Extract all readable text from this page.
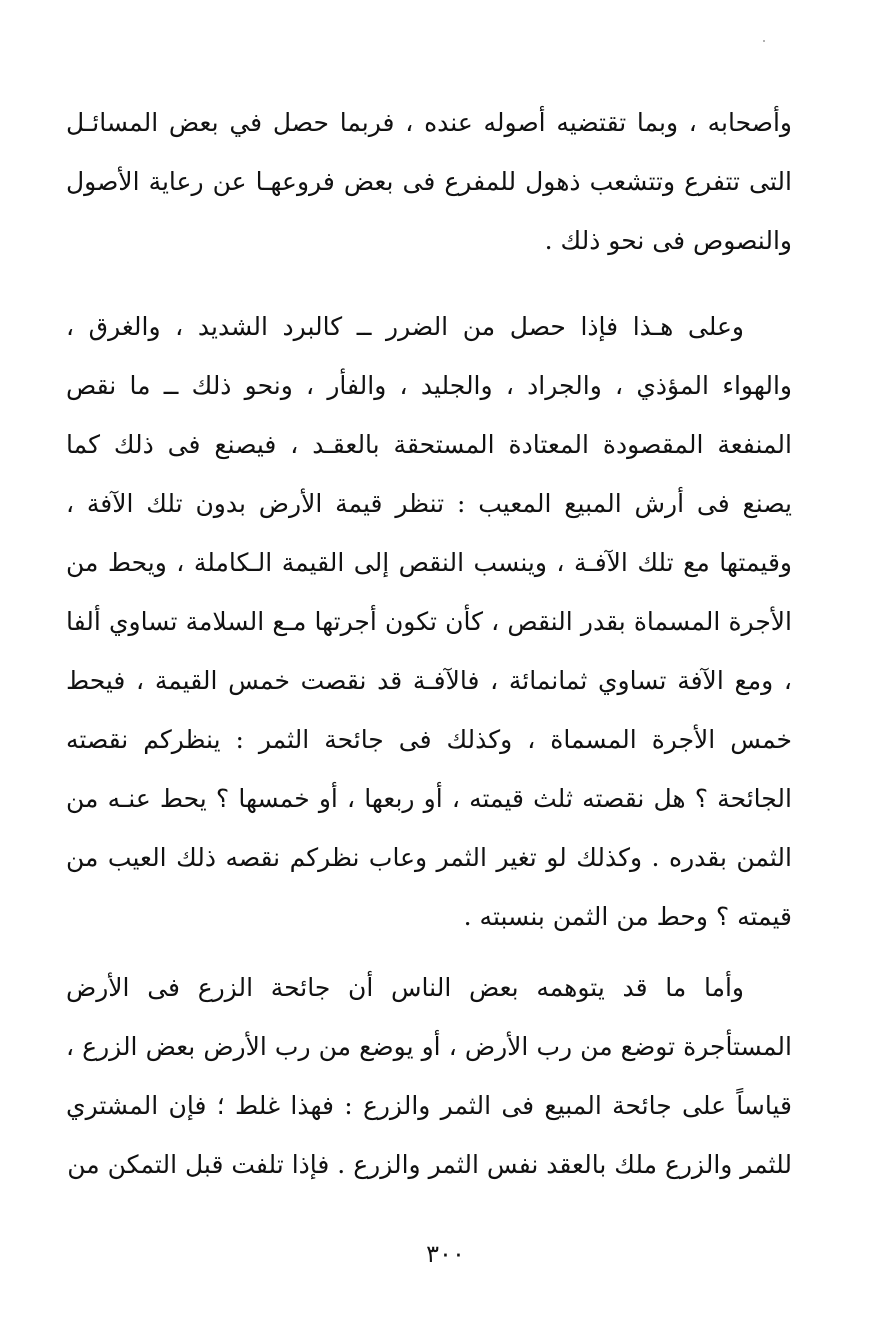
وأصحابه ، وبما تقتضيه أصوله عنده ، فربما حصل في بعض المسائـل التى تتفرع وتتشعب ذهول للمفرع فى بعض فروعهـا عن رعاية الأصول والنصوص فى نحو ذلك .

وعلى هـذا فإذا حصل من الضرر ــ كالبرد الشديد ، والغرق ، والهواء المؤذي ، والجراد ، والجليد ، والفأر ، ونحو ذلك ــ ما نقص المنفعة المقصودة المعتادة المستحقة بالعقـد ، فيصنع فى ذلك كما يصنع فى أرش المبيع المعيب : تنظر قيمة الأرض بدون تلك الآفة ، وقيمتها مع تلك الآفـة ، وينسب النقص إلى القيمة الـكاملة ، ويحط من الأجرة المسماة بقدر النقص ، كأن تكون أجرتها مـع السلامة تساوي ألفا ، ومع الآفة تساوي ثمانمائة ، فالآفـة قد نقصت خمس القيمة ، فيحط خمس الأجرة المسماة ، وكذلك فى جائحة الثمر : ينظركم نقصته الجائحة ؟ هل نقصته ثلث قيمته ، أو ربعها ، أو خمسها ؟ يحط عنـه من الثمن بقدره . وكذلك لو تغير الثمر وعاب نظركم نقصه ذلك العيب من قيمته ؟ وحط من الثمن بنسبته .

وأما ما قد يتوهمه بعض الناس أن جائحة الزرع فى الأرض المستأجرة توضع من رب الأرض ، أو يوضع من رب الأرض بعض الزرع ، قياساً على جائحة المبيع فى الثمر والزرع : فهذا غلط ؛ فإن المشتري للثمر والزرع ملك بالعقد نفس الثمر والزرع . فإذا تلفت قبل التمكن من

٣٠٠
